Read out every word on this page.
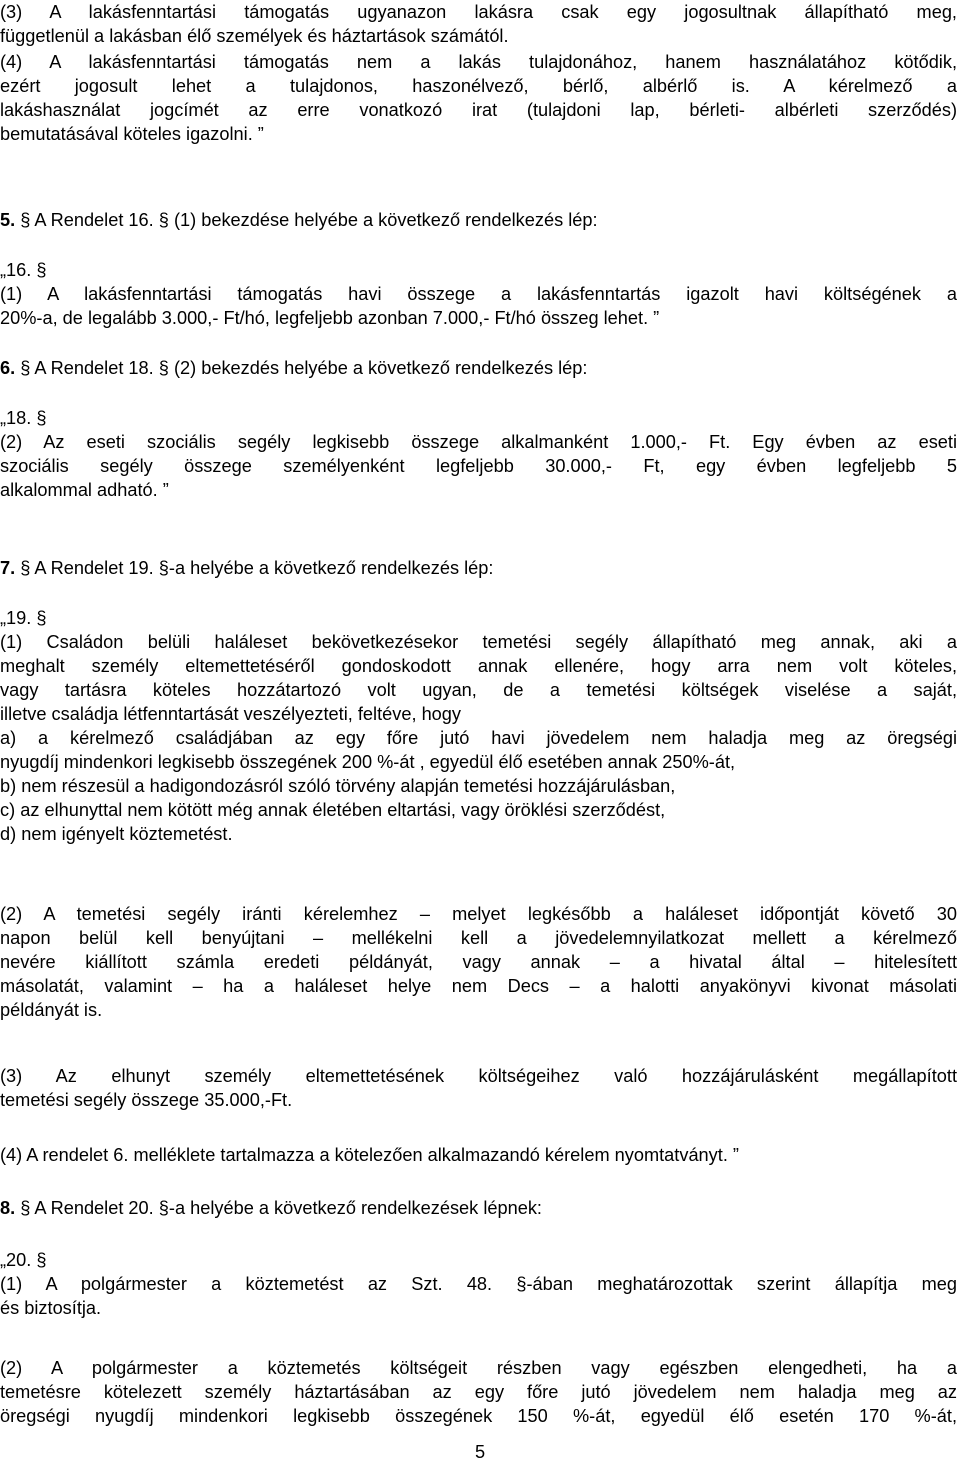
(3) A lakásfenntartási támogatás ugyanazon lakásra csak egy jogosultnak állapítható meg,
függetlenül a lakásban élő személyek és háztartások számától.
(4) A lakásfenntartási támogatás nem a lakás tulajdonához, hanem használatához kötődik,
ezért jogosult lehet a tulajdonos, haszonélvező, bérlő, albérlő is. A kérelmező a
lakáshasználat jogcímét az erre vonatkozó irat (tulajdoni lap, bérleti- albérleti szerződés)
bemutatásával köteles igazolni. ”
5. § A Rendelet 16. § (1) bekezdése helyébe a következő rendelkezés lép:
„16. §
(1) A lakásfenntartási támogatás havi összege a lakásfenntartás igazolt havi költségének a
20%-a, de legalább 3.000,- Ft/hó, legfeljebb azonban 7.000,- Ft/hó összeg lehet. ”
6. § A Rendelet 18. § (2) bekezdés helyébe a következő rendelkezés lép:
„18. §
(2) Az eseti szociális segély legkisebb összege alkalmanként 1.000,- Ft. Egy évben az eseti
szociális segély összege személyenként legfeljebb 30.000,- Ft, egy évben legfeljebb 5
alkalommal adható. ”
7. § A Rendelet 19. §-a helyébe a következő rendelkezés lép:
„19. §
(1) Családon belüli haláleset bekövetkezésekor temetési segély állapítható meg annak, aki a
meghalt személy eltemettetéséről gondoskodott annak ellenére, hogy arra nem volt köteles,
vagy tartásra köteles hozzátartozó volt ugyan, de a temetési költségek viselése a saját,
illetve családja létfenntartását veszélyezteti, feltéve, hogy
a) a kérelmező családjában az egy főre jutó havi jövedelem nem haladja meg az öregségi
nyugdíj mindenkori legkisebb összegének 200 %-át , egyedül élő esetében annak 250%-át,
b) nem részesül a hadigondozásról szóló törvény alapján temetési hozzájárulásban,
c) az elhunyttal nem kötött még annak életében eltartási, vagy öröklési szerződést,
d) nem igényelt köztemetést.
(2) A temetési segély iránti kérelemhez – melyet legkésőbb a haláleset időpontját követő 30
napon belül kell benyújtani – mellékelni kell a jövedelemnyilatkozat mellett a kérelmező
nevére kiállított számla eredeti példányát, vagy annak – a hivatal által – hitelesített
másolatát, valamint – ha a haláleset helye nem Decs – a halotti anyakönyvi kivonat másolati
példányát is.
(3) Az elhunyt személy eltemettetésének költségeihez való hozzájárulásként megállapított
temetési segély összege 35.000,-Ft.
(4) A rendelet 6. melléklete tartalmazza a kötelezően alkalmazandó kérelem nyomtatványt. ”
8. § A Rendelet 20. §-a helyébe a következő rendelkezések lépnek:
„20. §
(1) A polgármester a köztemetést az Szt. 48. §-ában meghatározottak szerint állapítja meg
és biztosítja.
(2) A polgármester a köztemetés költségeit részben vagy egészben elengedheti, ha a
temetésre kötelezett személy háztartásában az egy főre jutó jövedelem nem haladja meg az
öregségi nyugdíj mindenkori legkisebb összegének 150 %-át, egyedül élő esetén 170 %-át,
5
